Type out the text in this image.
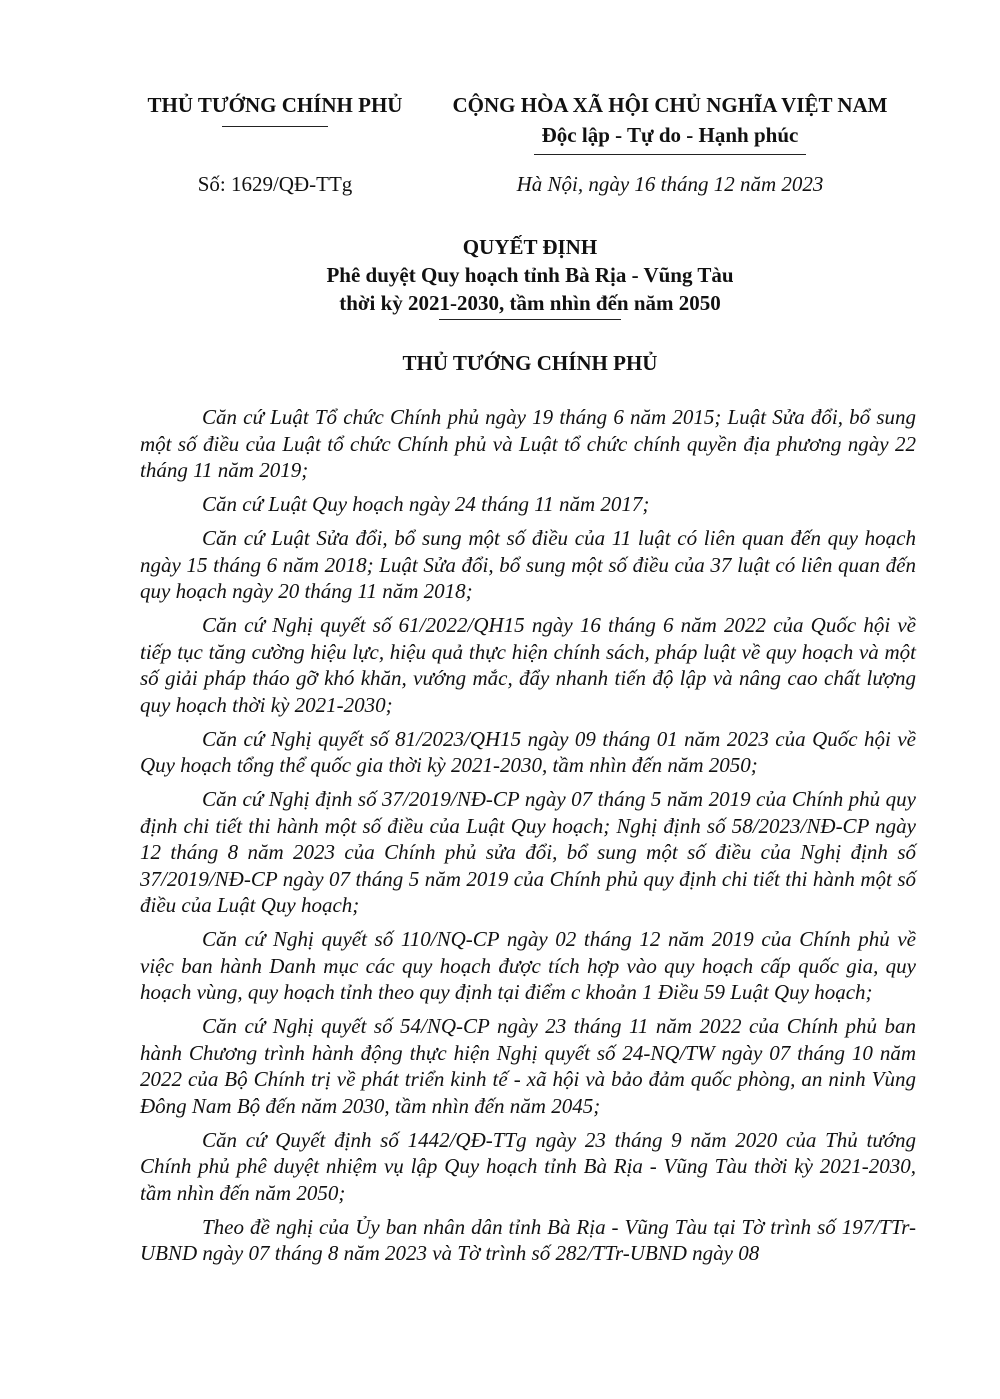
THỦ TƯỚNG CHÍNH PHỦ	CỘNG HÒA XÃ HỘI CHỦ NGHĨA VIỆT NAM
Độc lập - Tự do - Hạnh phúc
Số: 1629/QĐ-TTg	Hà Nội, ngày 16 tháng 12 năm 2023
QUYẾT ĐỊNH
Phê duyệt Quy hoạch tỉnh Bà Rịa - Vũng Tàu
thời kỳ 2021-2030, tầm nhìn đến năm 2050
THỦ TƯỚNG CHÍNH PHỦ

Căn cứ Luật Tổ chức Chính phủ ngày 19 tháng 6 năm 2015; Luật Sửa đổi, bổ sung một số điều của Luật tổ chức Chính phủ và Luật tổ chức chính quyền địa phương ngày 22 tháng 11 năm 2019;

Căn cứ Luật Quy hoạch ngày 24 tháng 11 năm 2017;

Căn cứ Luật Sửa đổi, bổ sung một số điều của 11 luật có liên quan đến quy hoạch ngày 15 tháng 6 năm 2018; Luật Sửa đổi, bổ sung một số điều của 37 luật có liên quan đến quy hoạch ngày 20 tháng 11 năm 2018;

Căn cứ Nghị quyết số 61/2022/QH15 ngày 16 tháng 6 năm 2022 của Quốc hội về tiếp tục tăng cường hiệu lực, hiệu quả thực hiện chính sách, pháp luật về quy hoạch và một số giải pháp tháo gỡ khó khăn, vướng mắc, đẩy nhanh tiến độ lập và nâng cao chất lượng quy hoạch thời kỳ 2021-2030;

Căn cứ Nghị quyết số 81/2023/QH15 ngày 09 tháng 01 năm 2023 của Quốc hội về Quy hoạch tổng thể quốc gia thời kỳ 2021-2030, tầm nhìn đến năm 2050;

Căn cứ Nghị định số 37/2019/NĐ-CP ngày 07 tháng 5 năm 2019 của Chính phủ quy định chi tiết thi hành một số điều của Luật Quy hoạch; Nghị định số 58/2023/NĐ-CP ngày 12 tháng 8 năm 2023 của Chính phủ sửa đổi, bổ sung một số điều của Nghị định số 37/2019/NĐ-CP ngày 07 tháng 5 năm 2019 của Chính phủ quy định chi tiết thi hành một số điều của Luật Quy hoạch;

Căn cứ Nghị quyết số 110/NQ-CP ngày 02 tháng 12 năm 2019 của Chính phủ về việc ban hành Danh mục các quy hoạch được tích hợp vào quy hoạch cấp quốc gia, quy hoạch vùng, quy hoạch tỉnh theo quy định tại điểm c khoản 1 Điều 59 Luật Quy hoạch;

Căn cứ Nghị quyết số 54/NQ-CP ngày 23 tháng 11 năm 2022 của Chính phủ ban hành Chương trình hành động thực hiện Nghị quyết số 24-NQ/TW ngày 07 tháng 10 năm 2022 của Bộ Chính trị về phát triển kinh tế - xã hội và bảo đảm quốc phòng, an ninh Vùng Đông Nam Bộ đến năm 2030, tầm nhìn đến năm 2045;

Căn cứ Quyết định số 1442/QĐ-TTg ngày 23 tháng 9 năm 2020 của Thủ tướng Chính phủ phê duyệt nhiệm vụ lập Quy hoạch tỉnh Bà Rịa - Vũng Tàu thời kỳ 2021-2030, tầm nhìn đến năm 2050;

Theo đề nghị của Ủy ban nhân dân tỉnh Bà Rịa - Vũng Tàu tại Tờ trình số 197/TTr-UBND ngày 07 tháng 8 năm 2023 và Tờ trình số 282/TTr-UBND ngày 08
